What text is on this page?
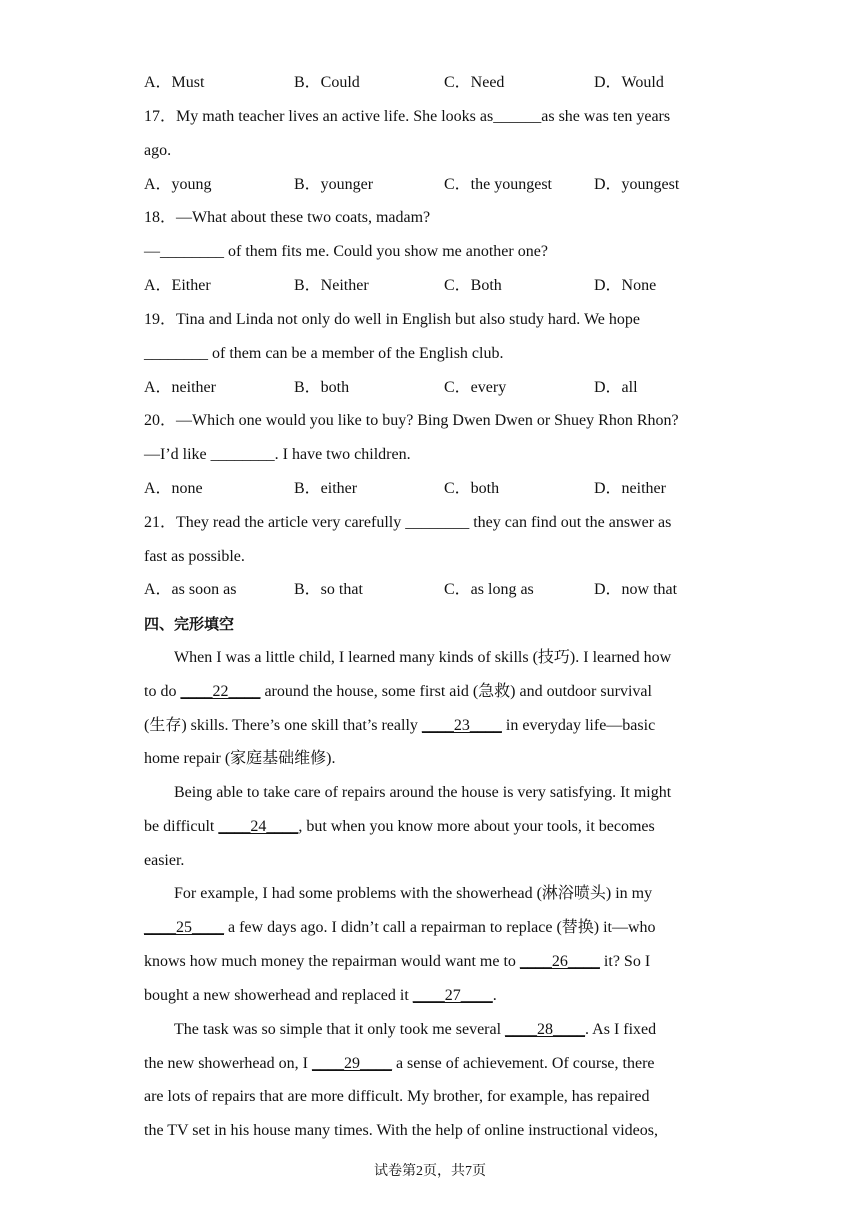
A．Must	B．Could	C．Need	D．Would
17．My math teacher lives an active life. She looks as______as she was ten years
ago.
A．young	B．younger	C．the youngest	D．youngest
18．—What about these two coats, madam?
—________ of them fits me. Could you show me another one?
A．Either	B．Neither	C．Both	D．None
19．Tina and Linda not only do well in English but also study hard. We hope
________ of them can be a member of the English club.
A．neither	B．both	C．every	D．all
20．—Which one would you like to buy? Bing Dwen Dwen or Shuey Rhon Rhon?
—I’d like ________. I have two children.
A．none	B．either	C．both	D．neither
21．They read the article very carefully ________ they can find out the answer as
fast as possible.
A．as soon as	B．so that	C．as long as	D．now that
四、完形填空
When I was a little child, I learned many kinds of skills (技巧). I learned how
to do ____22____ around the house, some first aid (急救) and outdoor survival
(生存) skills. There’s one skill that’s really ____23____ in everyday life—basic
home repair (家庭基础维修).
Being able to take care of repairs around the house is very satisfying. It might
be difficult ____24____, but when you know more about your tools, it becomes
easier.
For example, I had some problems with the showerhead (淋浴喷头) in my
____25____ a few days ago. I didn’t call a repairman to replace (替换) it—who
knows how much money the repairman would want me to ____26____ it? So I
bought a new showerhead and replaced it ____27____.
The task was so simple that it only took me several ____28____. As I fixed
the new showerhead on, I ____29____ a sense of achievement. Of course, there
are lots of repairs that are more difficult. My brother, for example, has repaired
the TV set in his house many times. With the help of online instructional videos,
试卷第2页，共7页
